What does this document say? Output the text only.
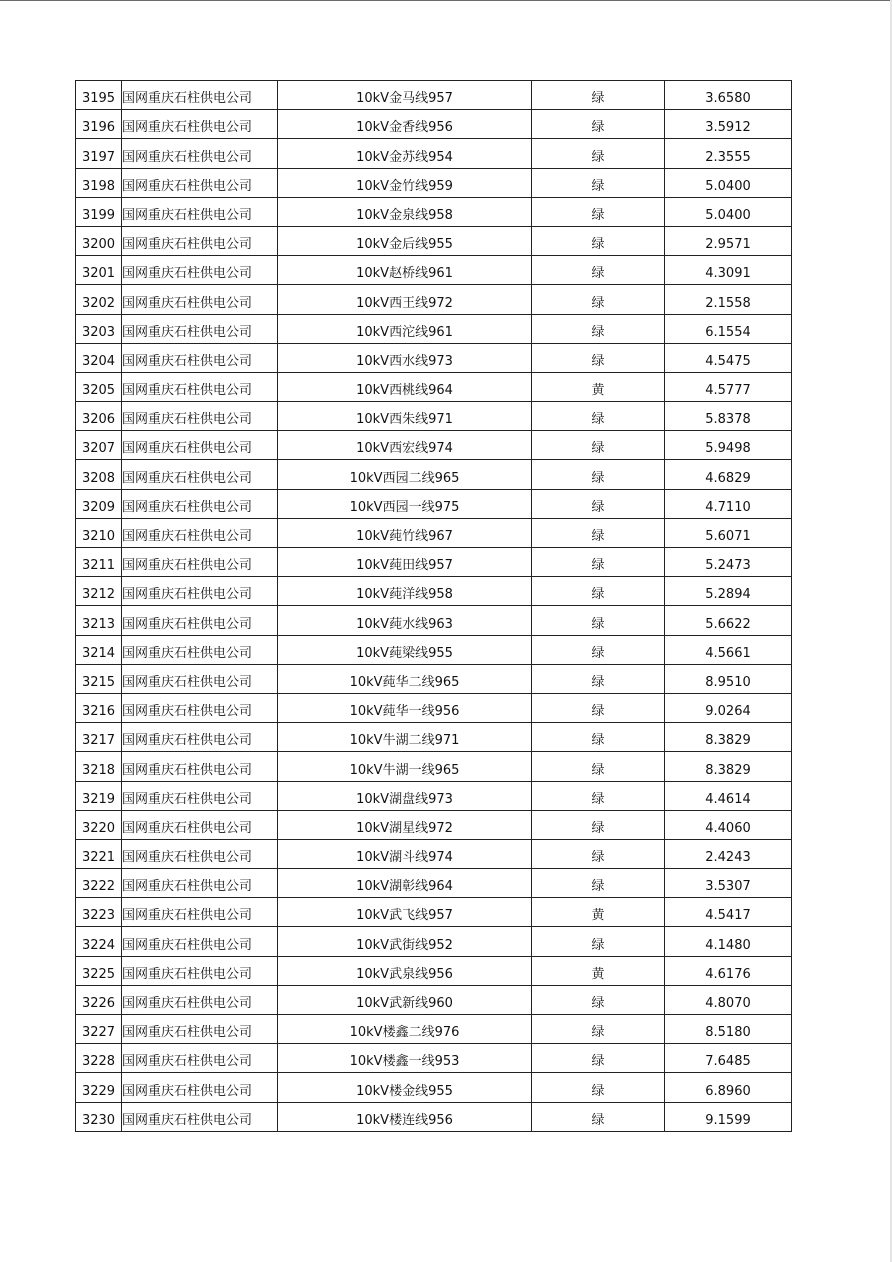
3195	国网重庆石柱供电公司	10kV金马线957	绿	3.6580
3196	国网重庆石柱供电公司	10kV金香线956	绿	3.5912
3197	国网重庆石柱供电公司	10kV金苏线954	绿	2.3555
3198	国网重庆石柱供电公司	10kV金竹线959	绿	5.0400
3199	国网重庆石柱供电公司	10kV金泉线958	绿	5.0400
3200	国网重庆石柱供电公司	10kV金后线955	绿	2.9571
3201	国网重庆石柱供电公司	10kV赵桥线961	绿	4.3091
3202	国网重庆石柱供电公司	10kV西王线972	绿	2.1558
3203	国网重庆石柱供电公司	10kV西沱线961	绿	6.1554
3204	国网重庆石柱供电公司	10kV西水线973	绿	4.5475
3205	国网重庆石柱供电公司	10kV西桃线964	黄	4.5777
3206	国网重庆石柱供电公司	10kV西朱线971	绿	5.8378
3207	国网重庆石柱供电公司	10kV西宏线974	绿	5.9498
3208	国网重庆石柱供电公司	10kV西园二线965	绿	4.6829
3209	国网重庆石柱供电公司	10kV西园一线975	绿	4.7110
3210	国网重庆石柱供电公司	10kV莼竹线967	绿	5.6071
3211	国网重庆石柱供电公司	10kV莼田线957	绿	5.2473
3212	国网重庆石柱供电公司	10kV莼洋线958	绿	5.2894
3213	国网重庆石柱供电公司	10kV莼水线963	绿	5.6622
3214	国网重庆石柱供电公司	10kV莼梁线955	绿	4.5661
3215	国网重庆石柱供电公司	10kV莼华二线965	绿	8.9510
3216	国网重庆石柱供电公司	10kV莼华一线956	绿	9.0264
3217	国网重庆石柱供电公司	10kV牛湖二线971	绿	8.3829
3218	国网重庆石柱供电公司	10kV牛湖一线965	绿	8.3829
3219	国网重庆石柱供电公司	10kV湖盘线973	绿	4.4614
3220	国网重庆石柱供电公司	10kV湖星线972	绿	4.4060
3221	国网重庆石柱供电公司	10kV湖斗线974	绿	2.4243
3222	国网重庆石柱供电公司	10kV湖彰线964	绿	3.5307
3223	国网重庆石柱供电公司	10kV武飞线957	黄	4.5417
3224	国网重庆石柱供电公司	10kV武街线952	绿	4.1480
3225	国网重庆石柱供电公司	10kV武泉线956	黄	4.6176
3226	国网重庆石柱供电公司	10kV武新线960	绿	4.8070
3227	国网重庆石柱供电公司	10kV楼鑫二线976	绿	8.5180
3228	国网重庆石柱供电公司	10kV楼鑫一线953	绿	7.6485
3229	国网重庆石柱供电公司	10kV楼金线955	绿	6.8960
3230	国网重庆石柱供电公司	10kV楼连线956	绿	9.1599
